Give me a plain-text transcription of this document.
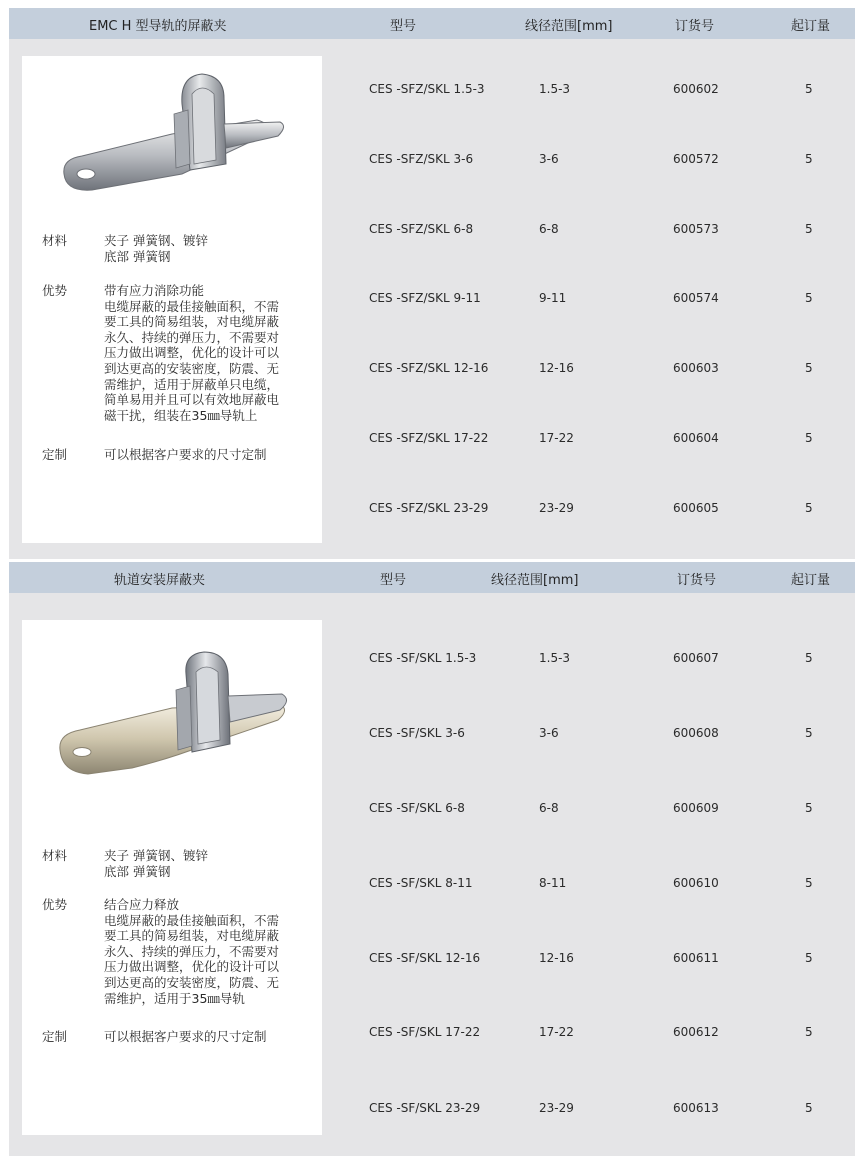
EMC H 型导轨的屏蔽夹	型号	线径范围[mm]	订货号	起订量
材料	夹子 弹簧钢、镀锌
底部 弹簧钢
优势	带有应力消除功能
电缆屏蔽的最佳接触面积，不需
要工具的简易组装，对电缆屏蔽
永久、持续的弹压力，不需要对
压力做出调整，优化的设计可以
到达更高的安装密度，防震、无
需维护，适用于屏蔽单只电缆，
简单易用并且可以有效地屏蔽电
磁干扰，组装在35㎜导轨上
定制	可以根据客户要求的尺寸定制
CES -SFZ/SKL 1.5-3	1.5-3	600602	5
CES -SFZ/SKL 3-6	3-6	600572	5
CES -SFZ/SKL 6-8	6-8	600573	5
CES -SFZ/SKL 9-11	9-11	600574	5
CES -SFZ/SKL 12-16	12-16	600603	5
CES -SFZ/SKL 17-22	17-22	600604	5
CES -SFZ/SKL 23-29	23-29	600605	5
轨道安装屏蔽夹	型号	线径范围[mm]	订货号	起订量
材料	夹子 弹簧钢、镀锌
底部 弹簧钢
优势	结合应力释放
电缆屏蔽的最佳接触面积，不需
要工具的简易组装，对电缆屏蔽
永久、持续的弹压力，不需要对
压力做出调整，优化的设计可以
到达更高的安装密度，防震、无
需维护，适用于35㎜导轨
定制	可以根据客户要求的尺寸定制
CES -SF/SKL 1.5-3	1.5-3	600607	5
CES -SF/SKL 3-6	3-6	600608	5
CES -SF/SKL 6-8	6-8	600609	5
CES -SF/SKL 8-11	8-11	600610	5
CES -SF/SKL 12-16	12-16	600611	5
CES -SF/SKL 17-22	17-22	600612	5
CES -SF/SKL 23-29	23-29	600613	5
